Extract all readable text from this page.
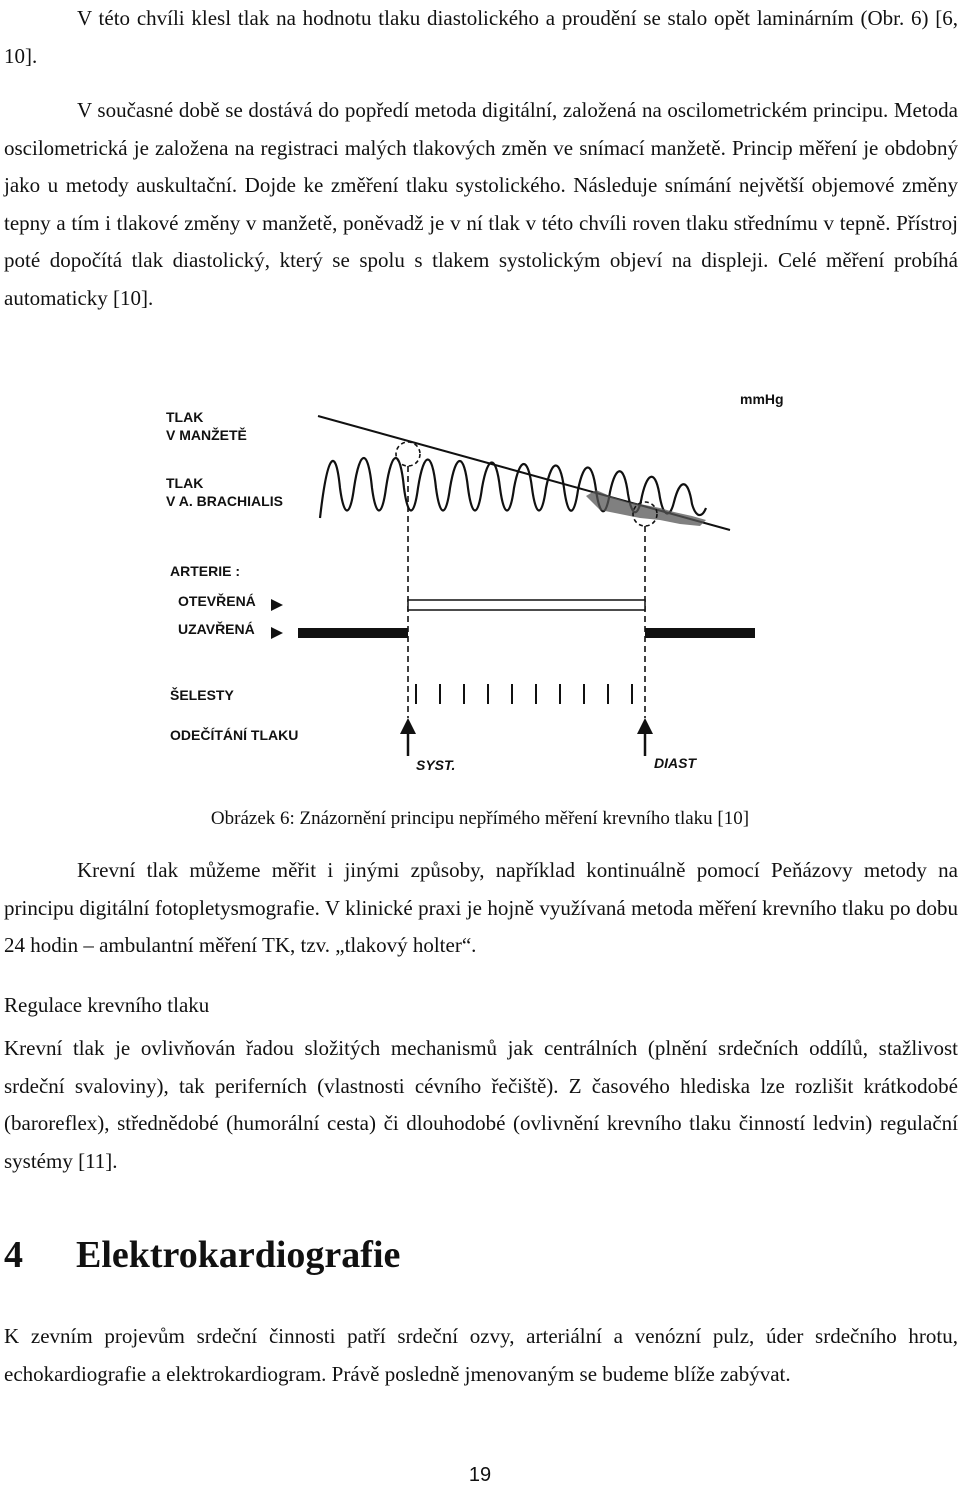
V této chvíli klesl tlak na hodnotu tlaku diastolického a proudění se stalo opět laminárním (Obr. 6) [6, 10].

V současné době se dostává do popředí metoda digitální, založená na oscilometrickém principu. Metoda oscilometrická je založena na registraci malých tlakových změn ve snímací manžetě. Princip měření je obdobný jako u metody auskultační. Dojde ke změření tlaku systolického. Následuje snímání největší objemové změny tepny a tím i tlakové změny v manžetě, poněvadž je v ní tlak v této chvíli roven tlaku střednímu v tepně. Přístroj poté dopočítá tlak diastolický, který se spolu s tlakem systolickým objeví na displeji. Celé měření probíhá automaticky [10].

mmHg
TLAK
V MANŽETĚ
TLAK
V A. BRACHIALIS
ARTERIE :
OTEVŘENÁ
UZAVŘENÁ
ŠELESTY
ODEČÍTÁNÍ TLAKU
SYST.	DIAST

Obrázek 6: Znázornění principu nepřímého měření krevního tlaku [10]

Krevní tlak můžeme měřit i jinými způsoby, například kontinuálně pomocí Peňázovy metody na principu digitální fotopletysmografie. V klinické praxi je hojně využívaná metoda měření krevního tlaku po dobu 24 hodin – ambulantní měření TK, tzv. „tlakový holter“.

Regulace krevního tlaku

Krevní tlak je ovlivňován řadou složitých mechanismů jak centrálních (plnění srdečních oddílů, stažlivost srdeční svaloviny), tak periferních (vlastnosti cévního řečiště). Z časového hlediska lze rozlišit krátkodobé (baroreflex), střednědobé (humorální cesta) či dlouhodobé (ovlivnění krevního tlaku činností ledvin) regulační systémy [11].

4 Elektrokardiografie

K zevním projevům srdeční činnosti patří srdeční ozvy, arteriální a venózní pulz, úder srdečního hrotu, echokardiografie a elektrokardiogram. Právě posledně jmenovaným se budeme blíže zabývat.

19
